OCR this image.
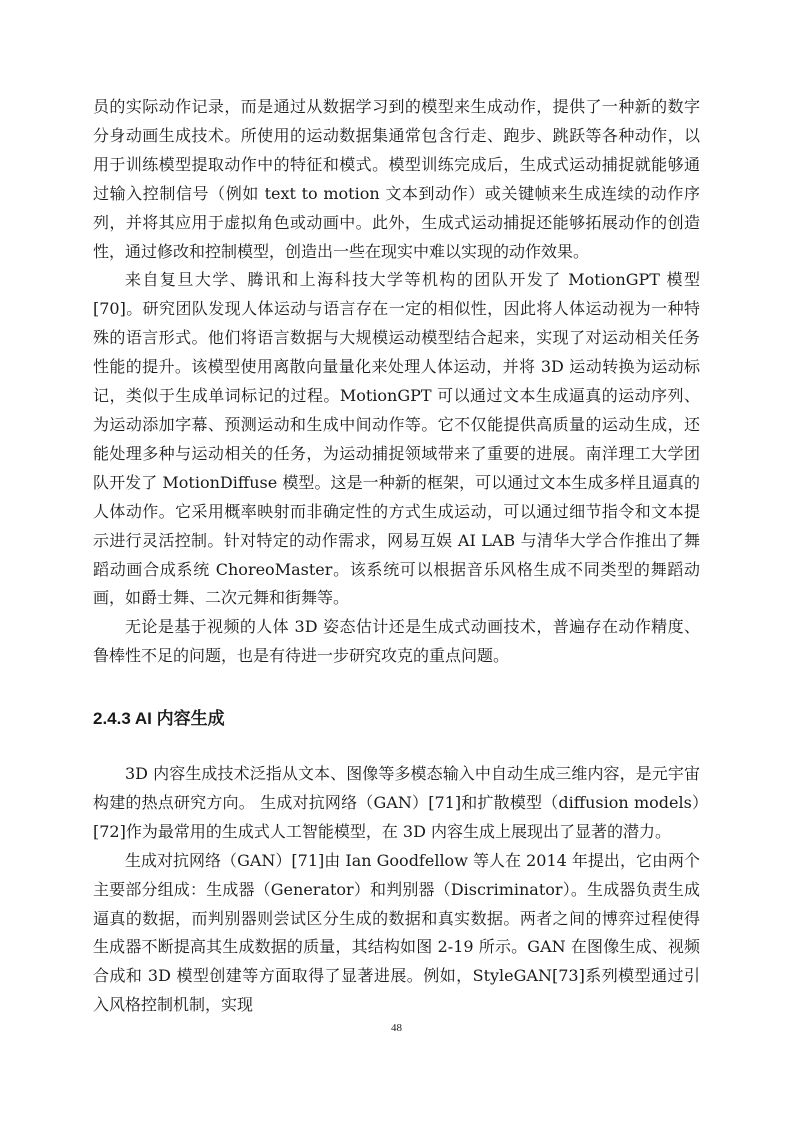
员的实际动作记录，而是通过从数据学习到的模型来生成动作，提供了一种新的数字分身动画生成技术。所使用的运动数据集通常包含行走、跑步、跳跃等各种动作，以用于训练模型提取动作中的特征和模式。模型训练完成后，生成式运动捕捉就能够通过输入控制信号（例如 text to motion 文本到动作）或关键帧来生成连续的动作序列，并将其应用于虚拟角色或动画中。此外，生成式运动捕捉还能够拓展动作的创造性，通过修改和控制模型，创造出一些在现实中难以实现的动作效果。

来自复旦大学、腾讯和上海科技大学等机构的团队开发了 MotionGPT 模型[70]。研究团队发现人体运动与语言存在一定的相似性，因此将人体运动视为一种特殊的语言形式。他们将语言数据与大规模运动模型结合起来，实现了对运动相关任务性能的提升。该模型使用离散向量量化来处理人体运动，并将 3D 运动转换为运动标记，类似于生成单词标记的过程。MotionGPT 可以通过文本生成逼真的运动序列、为运动添加字幕、预测运动和生成中间动作等。它不仅能提供高质量的运动生成，还能处理多种与运动相关的任务，为运动捕捉领域带来了重要的进展。南洋理工大学团队开发了 MotionDiffuse 模型。这是一种新的框架，可以通过文本生成多样且逼真的人体动作。它采用概率映射而非确定性的方式生成运动，可以通过细节指令和文本提示进行灵活控制。针对特定的动作需求，网易互娱 AI LAB 与清华大学合作推出了舞蹈动画合成系统 ChoreoMaster。该系统可以根据音乐风格生成不同类型的舞蹈动画，如爵士舞、二次元舞和街舞等。

无论是基于视频的人体 3D 姿态估计还是生成式动画技术，普遍存在动作精度、鲁棒性不足的问题，也是有待进一步研究攻克的重点问题。

2.4.3 AI 内容生成

3D 内容生成技术泛指从文本、图像等多模态输入中自动生成三维内容，是元宇宙构建的热点研究方向。 生成对抗网络（GAN）[71]和扩散模型（diffusion models）[72]作为最常用的生成式人工智能模型，在 3D 内容生成上展现出了显著的潜力。

生成对抗网络（GAN）[71]由 Ian Goodfellow 等人在 2014 年提出，它由两个主要部分组成：生成器（Generator）和判别器（Discriminator）。生成器负责生成逼真的数据，而判别器则尝试区分生成的数据和真实数据。两者之间的博弈过程使得生成器不断提高其生成数据的质量，其结构如图 2-19 所示。GAN 在图像生成、视频合成和 3D 模型创建等方面取得了显著进展。例如，StyleGAN[73]系列模型通过引入风格控制机制，实现

48
